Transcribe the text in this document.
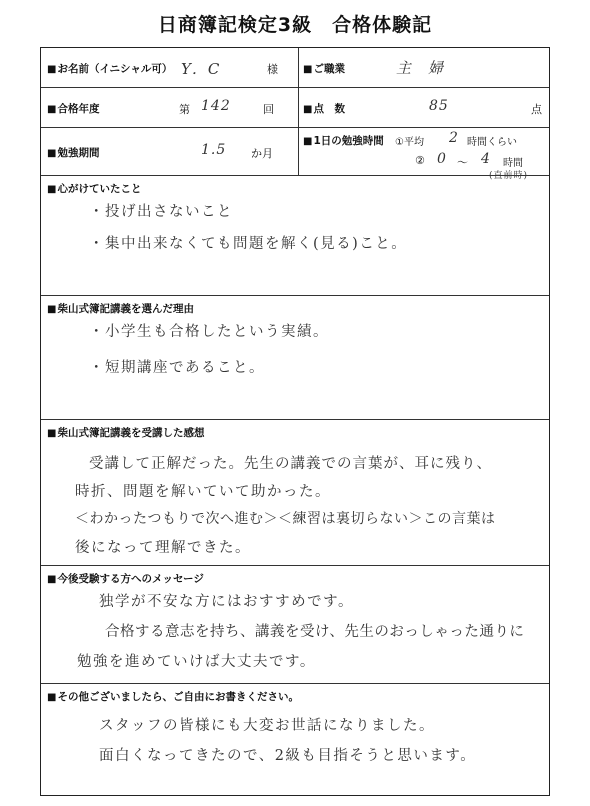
日商簿記検定3級　合格体験記
■ お名前（イニシャル可） Y．C	様	■ ご職業	主　婦
■ 合格年度	第 142	回	■ 点　数	85	点
■ 勉強期間	1.5 か月
■ 1日の勉強時間 ①平均 2 時間くらい
② 0 〜 4 時間
(直前時)
■ 心がけていたこと
・投げ出さないこと
・集中出来なくても問題を解く(見る)こと。
■ 柴山式簿記講義を選んだ理由
・小学生も合格したという実績。
・短期講座であること。
■ 柴山式簿記講義を受講した感想
受講して正解だった。先生の講義での言葉が、耳に残り、
時折、問題を解いていて助かった。
＜わかったつもりで次へ進む＞＜練習は裏切らない＞この言葉は
後になって理解できた。
■ 今後受験する方へのメッセージ
独学が不安な方にはおすすめです。
合格する意志を持ち、講義を受け、先生のおっしゃった通りに
勉強を進めていけば大丈夫です。
■ その他ございましたら、ご自由にお書きください。
スタッフの皆様にも大変お世話になりました。
面白くなってきたので、2級も目指そうと思います。
